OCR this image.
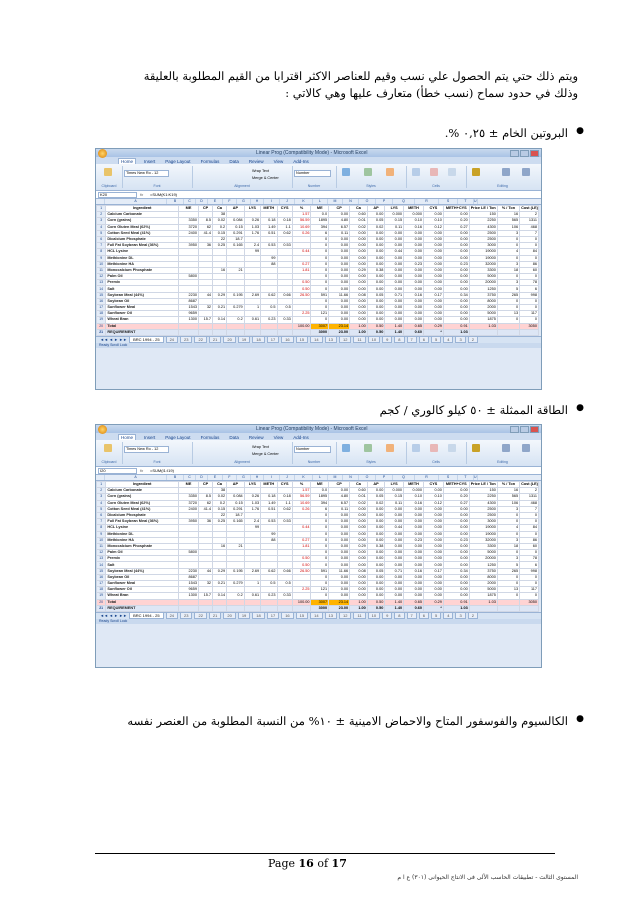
ويتم ذلك حتي يتم الحصول علي نسب وقيم للعناصر الاكثر اقترابا من القيم المطلوبة بالعليقة
وذلك في حدود سماح (نسب خطأ) متعارف عليها وهي كالاتي :
البروتين الخام ± ٠,٢٥ %. ●
Linear Prog (Compatibility Mode) - Microsoft Excel
Home	Insert	Page Layout	Formulas	Data	Review	View	Add-Ins
Clipboard
Times New Ro - 12
Font
Wrap Text
Merge & Center
Alignment
Number
Number	Styles	Cells	Editing
K20	fx =SUM(K1:K19)
A	B	C	D	E	F	G	H	I	J	K	L	M	N	O	P	Q	R	S	T	U
1	Ingredient	ME	CP	Ca	AP	LYS	METH	CYS	%	ME	CP	Ca	AP	LYS	METH	CYS	METH+CYS	Price LE / Ton	% / Ton	Cost (LE)
2	Calcium Carbonate			38					1.57	0.0	0.00	0.60	0.00	0.000	0.000	0.00	0.00	150	16	2
3	Corn (grains)	3350	8.5	0.02	0.084	0.26	0.18	0.18	56.59	1895	4.80	0.01	0.05	0.15	0.10	0.10	0.20	2250	565	1311
4	Corn Gluten Meal (62%)	3720	62	0.2	0.15	1.03	1.49	1.1	10.69	394	6.57	0.02	0.02	0.11	0.16	0.12	0.27	4300	106	468
5	Cotton Seed Meal (41%)	2400	41.4	0.15	0.291	1.76	0.51	0.62	0.26	6	0.11	0.00	0.00	0.00	0.00	0.00	0.00	2500	3	7
6	Dicalcium Phosphate			22	18.7					0	0.00	0.00	0.00	0.00	0.00	0.00	0.00	2500	0	0
7	Full Fat Soybean Meal (36%)	3950	36	0.25	0.165	2.4	0.53	0.53		0	0.00	0.00	0.00	0.00	0.00	0.00	0.00	3000	0	0
8	HCL Lysine					99			0.44	0	0.00	0.00	0.00	0.44	0.00	0.00	0.00	19000	4	84
9	Methionine DL						99			0	0.00	0.00	0.00	0.00	0.00	0.00	0.00	19000	0	0
10	Methionine HA						88		0.27	0	0.00	0.00	0.00	0.00	0.23	0.00	0.23	32000	3	86
11	Monocalcium Phosphate			16	21				1.81	0	0.00	0.29	0.38	0.00	0.00	0.00	0.00	3300	18	60
12	Palm Oil	5800								0	0.00	0.00	0.00	0.00	0.00	0.00	0.00	5000	0	0
13	Premix								0.50	0	0.00	0.00	0.00	0.00	0.00	0.00	0.00	20000	3	78
14	Salt								0.50	0	0.00	0.00	0.00	0.00	0.00	0.00	0.00	1250	5	6
15	Soybean Meal (44%)	2230	44	0.29	0.195	2.69	0.62	0.66	26.50	591	11.66	0.08	0.05	0.71	0.16	0.17	0.34	3750	265	998
16	Soybean Oil	8687								0	0.00	0.00	0.00	0.00	0.00	0.00	0.00	8000	0	0
17	Sunflower Meal	1543	32	0.21	0.279	1	0.5	0.5		0	0.00	0.00	0.00	0.00	0.00	0.00	0.00	2000	0	0
18	Sunflower Oil	9659							2.25	121	0.00	0.00	0.00	0.00	0.00	0.00	0.00	5000	13	117
19	Wheat Bran	1300	15.7	0.14	0.2	0.61	0.23	0.33		0	0.00	0.00	0.00	0.00	0.00	0.00	0.00	1875	0	0
20	Total								100.00	3007	23.14	1.00	0.50	1.40	0.65	0.29	0.91	1.03		3050
21	REQUIREMENT									3000	23.00	1.00	0.50	1.40	0.60	*	1.03			
◄◄ ◄ ► ►►	BRC 1994 - 25	24	23	22	21	20	19	18	17	16	15	14	13	12	11	10	9	8	7	6	5	4	3	2
Ready Scroll Lock
الطاقة الممثلة ± ٥٠ كيلو كالوري / كجم ●
Linear Prog (Compatibility Mode) - Microsoft Excel
Home	Insert	Page Layout	Formulas	Data	Review	View	Add-Ins
Clipboard
Times New Ro - 12
Font
Wrap Text
Merge & Center
Alignment
Number
Number	Styles	Cells	Editing
I20	fx =SUM(I1:I19)
A	B	C	D	E	F	G	H	I	J	K	L	M	N	O	P	Q	R	S	T	U
1	Ingredient	ME	CP	Ca	AP	LYS	METH	CYS	%	ME	CP	Ca	AP	LYS	METH	CYS	METH+CYS	Price LE / Ton	% / Ton	Cost (LE)
2	Calcium Carbonate			38					1.57	0.0	0.00	0.60	0.00	0.000	0.000	0.00	0.00	150	16	2
3	Corn (grains)	3350	8.5	0.02	0.084	0.26	0.18	0.18	56.59	1895	4.80	0.01	0.05	0.15	0.10	0.10	0.20	2250	565	1311
4	Corn Gluten Meal (62%)	3720	62	0.2	0.15	1.03	1.49	1.1	10.69	394	6.57	0.02	0.02	0.11	0.16	0.12	0.27	4300	106	468
5	Cotton Seed Meal (41%)	2400	41.4	0.15	0.291	1.76	0.51	0.62	0.26	6	0.11	0.00	0.00	0.00	0.00	0.00	0.00	2500	3	7
6	Dicalcium Phosphate			22	18.7					0	0.00	0.00	0.00	0.00	0.00	0.00	0.00	2500	0	0
7	Full Fat Soybean Meal (36%)	3950	36	0.25	0.165	2.4	0.53	0.53		0	0.00	0.00	0.00	0.00	0.00	0.00	0.00	3000	0	0
8	HCL Lysine					99			0.44	0	0.00	0.00	0.00	0.44	0.00	0.00	0.00	19000	4	84
9	Methionine DL						99			0	0.00	0.00	0.00	0.00	0.00	0.00	0.00	19000	0	0
10	Methionine HA						88		0.27	0	0.00	0.00	0.00	0.00	0.23	0.00	0.23	32000	3	86
11	Monocalcium Phosphate			16	21				1.81	0	0.00	0.29	0.38	0.00	0.00	0.00	0.00	3300	18	60
12	Palm Oil	5800								0	0.00	0.00	0.00	0.00	0.00	0.00	0.00	5000	0	0
13	Premix								0.50	0	0.00	0.00	0.00	0.00	0.00	0.00	0.00	20000	3	78
14	Salt								0.50	0	0.00	0.00	0.00	0.00	0.00	0.00	0.00	1250	5	6
15	Soybean Meal (44%)	2230	44	0.29	0.195	2.69	0.62	0.66	26.50	591	11.66	0.08	0.05	0.71	0.16	0.17	0.34	3750	265	998
16	Soybean Oil	8687								0	0.00	0.00	0.00	0.00	0.00	0.00	0.00	8000	0	0
17	Sunflower Meal	1543	32	0.21	0.279	1	0.5	0.5		0	0.00	0.00	0.00	0.00	0.00	0.00	0.00	2000	0	0
18	Sunflower Oil	9659							2.25	121	0.00	0.00	0.00	0.00	0.00	0.00	0.00	5000	13	117
19	Wheat Bran	1300	15.7	0.14	0.2	0.61	0.23	0.33		0	0.00	0.00	0.00	0.00	0.00	0.00	0.00	1875	0	0
20	Total								100.00	3007	23.14	1.00	0.50	1.40	0.65	0.29	0.91	1.03		3050
21	REQUIREMENT									3000	23.00	1.00	0.50	1.40	0.60	*	1.03			
◄◄ ◄ ► ►►	BRC 1994 - 25	24	23	22	21	20	19	18	17	16	15	14	13	12	11	10	9	8	7	6	5	4	3	2
Ready Scroll Lock
الكالسيوم والفوسفور المتاح والاحماض الامينية ± ١٠% من النسبة المطلوبة من العنصر نفسه ●
Page 16 of 17
المستوى الثالث - تطبيقات الحاسب الألى فى الانتاج الحيوانى (٣٠١) ع ا م
